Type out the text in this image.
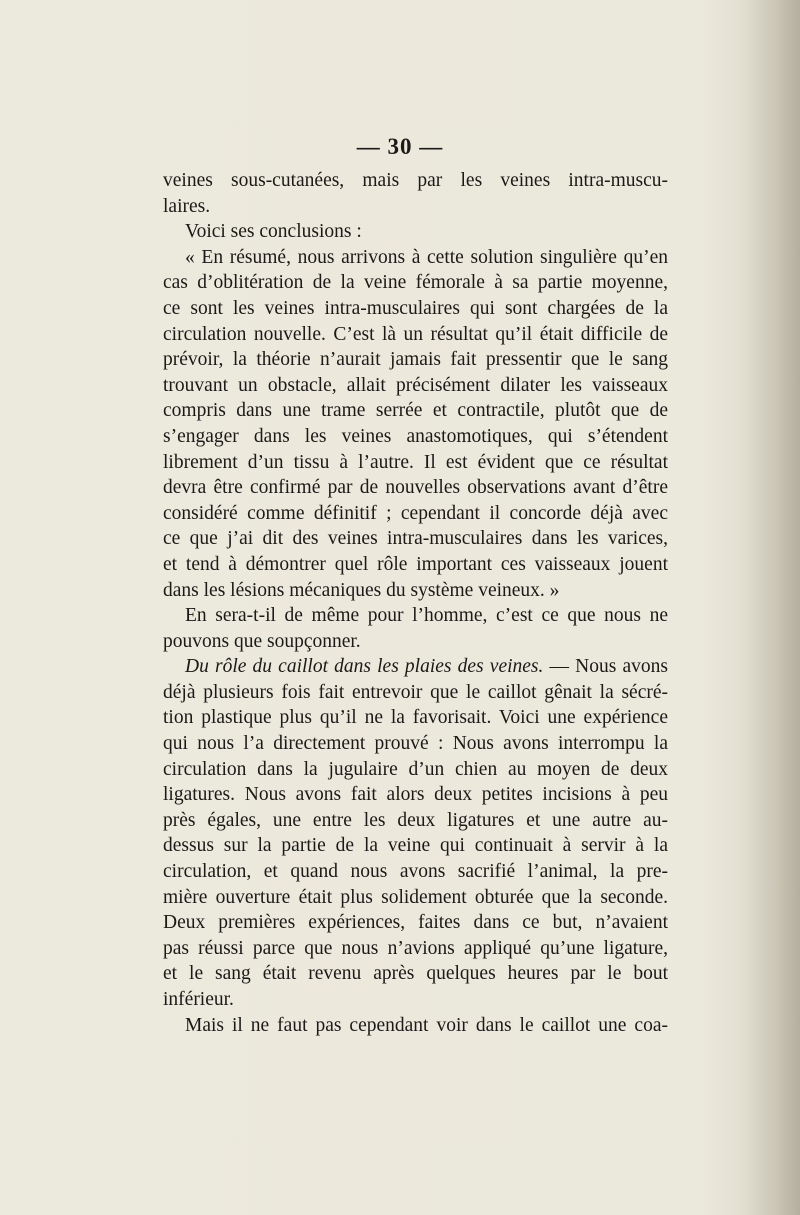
— 30 —
veines sous-cutanées, mais par les veines intra-muscu-
laires.
Voici ses conclusions :
« En résumé, nous arrivons à cette solution singulière qu’en
cas d’oblitération de la veine fémorale à sa partie moyenne,
ce sont les veines intra-musculaires qui sont chargées de la
circulation nouvelle. C’est là un résultat qu’il était difficile de
prévoir, la théorie n’aurait jamais fait pressentir que le sang
trouvant un obstacle, allait précisément dilater les vaisseaux
compris dans une trame serrée et contractile, plutôt que de
s’engager dans les veines anastomotiques, qui s’étendent
librement d’un tissu à l’autre. Il est évident que ce résultat
devra être confirmé par de nouvelles observations avant d’être
considéré comme définitif ; cependant il concorde déjà avec
ce que j’ai dit des veines intra-musculaires dans les varices,
et tend à démontrer quel rôle important ces vaisseaux jouent
dans les lésions mécaniques du système veineux. »
En sera-t-il de même pour l’homme, c’est ce que nous ne
pouvons que soupçonner.
Du rôle du caillot dans les plaies des veines. — Nous avons
déjà plusieurs fois fait entrevoir que le caillot gênait la sécré-
tion plastique plus qu’il ne la favorisait. Voici une expérience
qui nous l’a directement prouvé : Nous avons interrompu la
circulation dans la jugulaire d’un chien au moyen de deux
ligatures. Nous avons fait alors deux petites incisions à peu
près égales, une entre les deux ligatures et une autre au-
dessus sur la partie de la veine qui continuait à servir à la
circulation, et quand nous avons sacrifié l’animal, la pre-
mière ouverture était plus solidement obturée que la seconde.
Deux premières expériences, faites dans ce but, n’avaient
pas réussi parce que nous n’avions appliqué qu’une ligature,
et le sang était revenu après quelques heures par le bout
inférieur.
Mais il ne faut pas cependant voir dans le caillot une coa-
